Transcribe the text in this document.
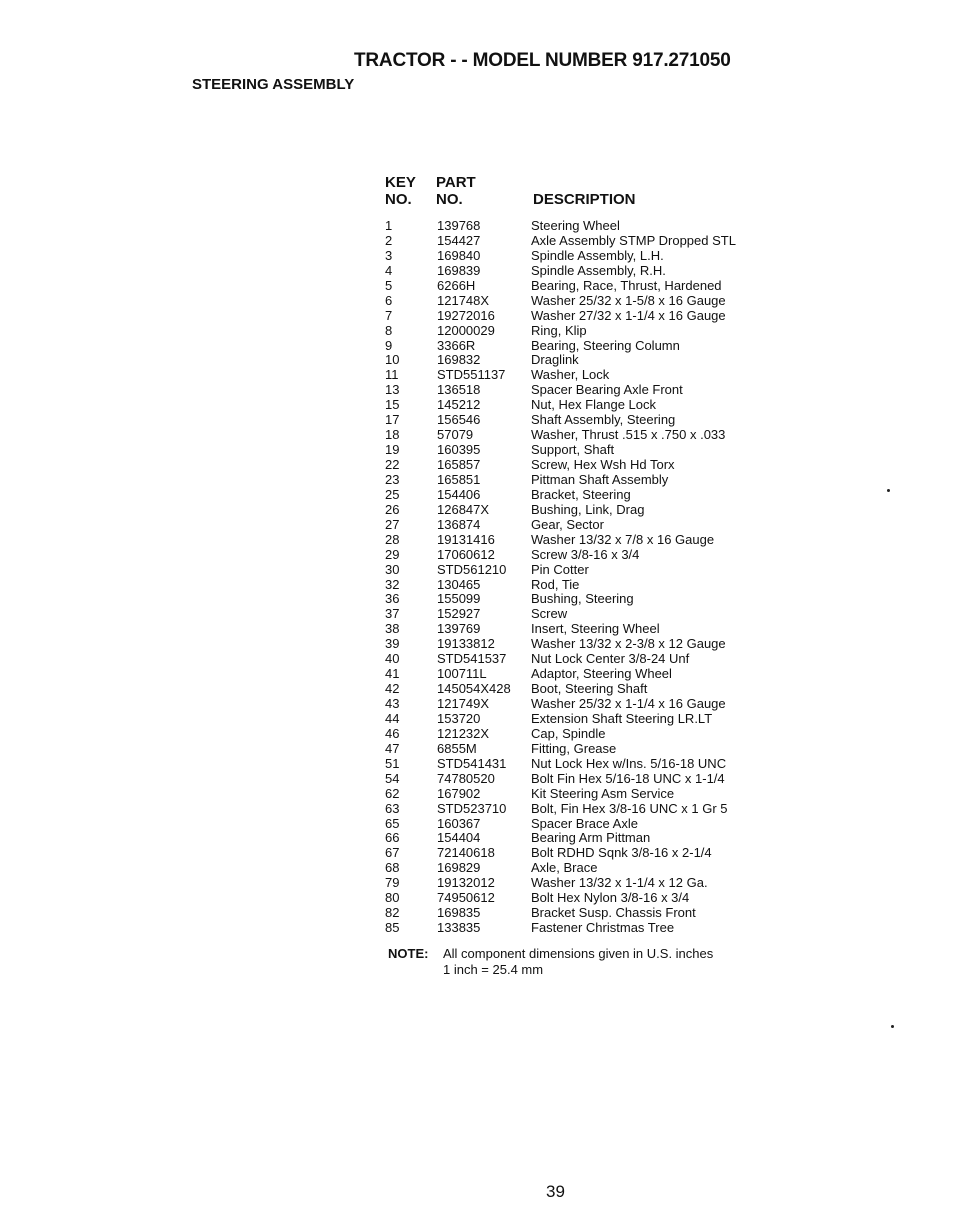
TRACTOR - - MODEL NUMBER 917.271050
STEERING ASSEMBLY
KEY
NO.
PART
NO.	DESCRIPTION
1	139768	Steering Wheel
2	154427	Axle Assembly STMP Dropped STL
3	169840	Spindle Assembly, L.H.
4	169839	Spindle Assembly, R.H.
5	6266H	Bearing, Race, Thrust, Hardened
6	121748X	Washer 25/32 x 1-5/8 x 16 Gauge
7	19272016	Washer 27/32 x 1-1/4 x 16 Gauge
8	12000029	Ring, Klip
9	3366R	Bearing, Steering Column
10	169832	Draglink
11	STD551137	Washer, Lock
13	136518	Spacer Bearing Axle Front
15	145212	Nut, Hex Flange Lock
17	156546	Shaft Assembly, Steering
18	57079	Washer, Thrust .515 x .750 x .033
19	160395	Support, Shaft
22	165857	Screw, Hex Wsh Hd Torx
23	165851	Pittman Shaft Assembly
25	154406	Bracket, Steering
26	126847X	Bushing, Link, Drag
27	136874	Gear, Sector
28	19131416	Washer 13/32 x 7/8 x 16 Gauge
29	17060612	Screw 3/8-16 x 3/4
30	STD561210	Pin Cotter
32	130465	Rod, Tie
36	155099	Bushing, Steering
37	152927	Screw
38	139769	Insert, Steering Wheel
39	19133812	Washer 13/32 x 2-3/8 x 12 Gauge
40	STD541537	Nut Lock Center 3/8-24 Unf
41	100711L	Adaptor, Steering Wheel
42	145054X428	Boot, Steering Shaft
43	121749X	Washer 25/32 x 1-1/4 x 16 Gauge
44	153720	Extension Shaft Steering LR.LT
46	121232X	Cap, Spindle
47	6855M	Fitting, Grease
51	STD541431	Nut Lock Hex w/Ins. 5/16-18 UNC
54	74780520	Bolt Fin Hex 5/16-18 UNC x 1-1/4
62	167902	Kit Steering Asm Service
63	STD523710	Bolt, Fin Hex 3/8-16 UNC x 1 Gr 5
65	160367	Spacer Brace Axle
66	154404	Bearing Arm Pittman
67	72140618	Bolt RDHD Sqnk 3/8-16 x 2-1/4
68	169829	Axle, Brace
79	19132012	Washer 13/32 x 1-1/4 x 12 Ga.
80	74950612	Bolt Hex Nylon 3/8-16 x 3/4
82	169835	Bracket Susp. Chassis Front
85	133835	Fastener Christmas Tree
NOTE: All component dimensions given in U.S. inches
1 inch = 25.4 mm
39
